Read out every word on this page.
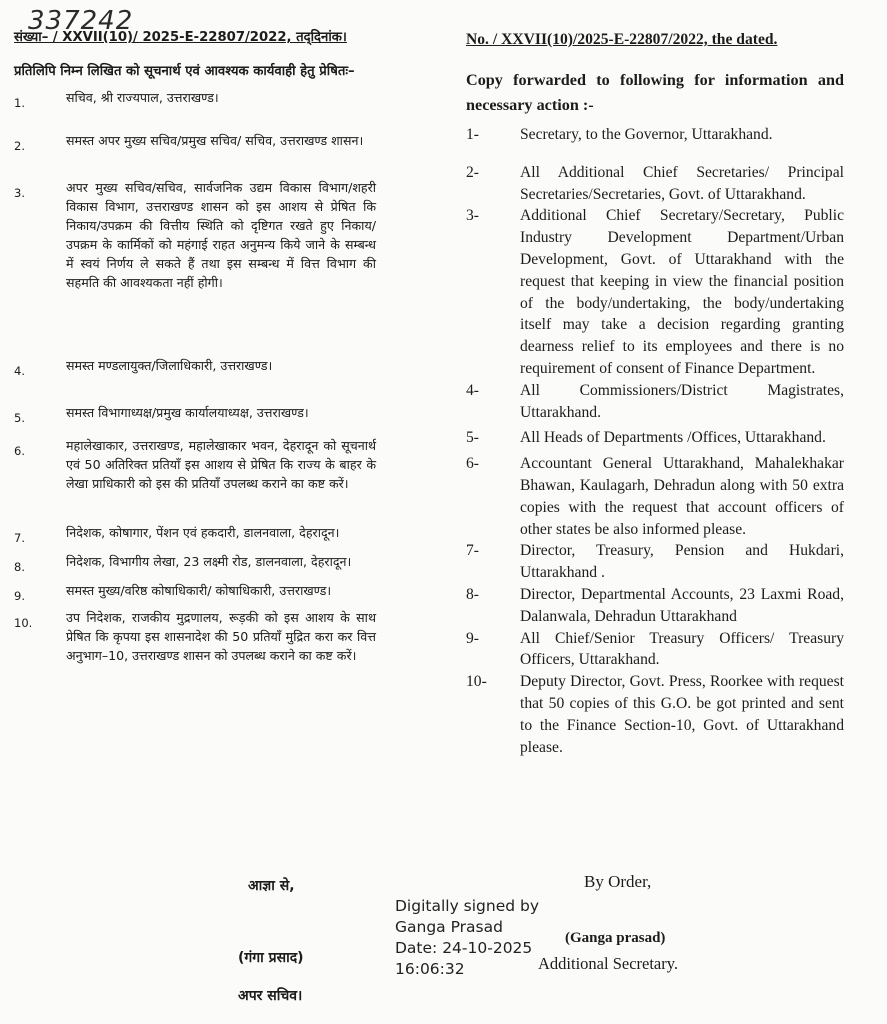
337242

संख्या– / XXVII(10)/ 2025-E-22807/2022, तद्‌दिनांक।

प्रतिलिपि निम्न लिखित को सूचनार्थ एवं आवश्यक कार्यवाही हेतु प्रेषितः–

1.	सचिव, श्री राज्यपाल, उत्तराखण्ड।
2.	समस्त अपर मुख्य सचिव/प्रमुख सचिव/ सचिव, उत्तराखण्ड शासन।
3.	अपर मुख्य सचिव/सचिव, सार्वजनिक उद्यम विकास विभाग/शहरी विकास विभाग, उत्तराखण्ड शासन को इस आशय से प्रेषित कि निकाय/उपक्रम की वित्तीय स्थिति को दृष्टिगत रखते हुए निकाय/उपक्रम के कार्मिकों को महंगाई राहत अनुमन्य किये जाने के सम्बन्ध में स्वयं निर्णय ले सकते हैं तथा इस सम्बन्ध में वित्त विभाग की सहमति की आवश्यकता नहीं होगी।
4.	समस्त मण्डलायुक्त/जिलाधिकारी, उत्तराखण्ड।
5.	समस्त विभागाध्यक्ष/प्रमुख कार्यालयाध्यक्ष, उत्तराखण्ड।
6.	महालेखाकार, उत्तराखण्ड, महालेखाकार भवन, देहरादून को सूचनार्थ एवं 50 अतिरिक्त प्रतियाँ इस आशय से प्रेषित कि राज्य के बाहर के लेखा प्राधिकारी को इस की प्रतियाँ उपलब्ध कराने का कष्ट करें।
7.	निदेशक, कोषागार, पेंशन एवं हकदारी, डालनवाला, देहरादून।
8.	निदेशक, विभागीय लेखा, 23 लक्ष्मी रोड, डालनवाला, देहरादून।
9.	समस्त मुख्य/वरिष्ठ कोषाधिकारी/ कोषाधिकारी, उत्तराखण्ड।
10.	उप निदेशक, राजकीय मुद्रणालय, रूड़की को इस आशय के साथ प्रेषित कि कृपया इस शासनादेश की 50 प्रतियाँ मुद्रित करा कर वित्त अनुभाग–10, उत्तराखण्ड शासन को उपलब्ध कराने का कष्ट करें।

No. / XXVII(10)/2025-E-22807/2022, the dated.

Copy forwarded to following for information and necessary action :-

1-	Secretary, to the Governor, Uttarakhand.
2-	All Additional Chief Secretaries/ Principal Secretaries/Secretaries, Govt. of Uttarakhand.
3-	Additional Chief Secretary/Secretary, Public Industry Development Department/Urban Development, Govt. of Uttarakhand with the request that keeping in view the financial position of the body/undertaking, the body/undertaking itself may take a decision regarding granting dearness relief to its employees and there is no requirement of consent of Finance Department.
4-	All Commissioners/District Magistrates, Uttarakhand.
5-	All Heads of Departments /Offices, Uttarakhand.
6-	Accountant General Uttarakhand, Mahalekhakar Bhawan, Kaulagarh, Dehradun along with 50 extra copies with the request that account officers of other states be also informed please.
7-	Director, Treasury, Pension and Hukdari, Uttarakhand .
8-	Director, Departmental Accounts, 23 Laxmi Road, Dalanwala, Dehradun Uttarakhand
9-	All Chief/Senior Treasury Officers/ Treasury Officers, Uttarakhand.
10-	Deputy Director, Govt. Press, Roorkee with request that 50 copies of this G.O. be got printed and sent to the Finance Section-10, Govt. of Uttarakhand please.
आज्ञा से,
(गंगा प्रसाद)
अपर सचिव।
Digitally signed by
Ganga Prasad
Date: 24-10-2025
16:06:32
By Order,
(Ganga prasad)
Additional Secretary.
